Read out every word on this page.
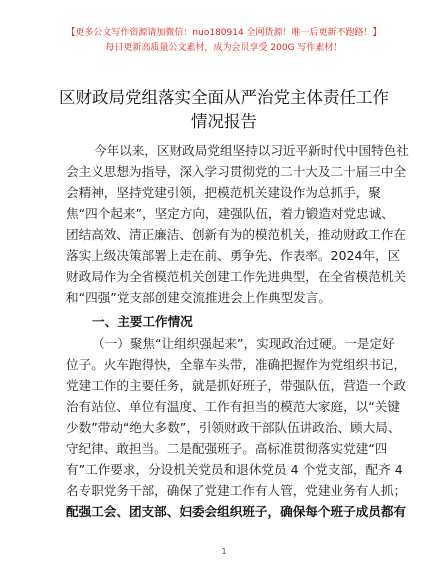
【更多公文写作资源请加微信：nuo180914 全网货源！唯一后更新不跑路！】
每日更新高质量公文素材，成为会员享受 200G 写作素材！
区财政局党组落实全面从严治党主体责任工作
情况报告
今年以来，区财政局党组坚持以习近平新时代中国特色社
会主义思想为指导，深入学习贯彻党的二十大及二十届三中全
会精神，坚持党建引领，把模范机关建设作为总抓手，聚
焦“四个起来”，坚定方向，建强队伍，着力锻造对党忠诚、
团结高效、清正廉洁、创新有为的模范机关，推动财政工作在
落实上级决策部署上走在前、勇争先、作表率。2024年，区
财政局作为全省模范机关创建工作先进典型，在全省模范机关
和“四强”党支部创建交流推进会上作典型发言。
一、主要工作情况
（一）聚焦“让组织强起来”，实现政治过硬。一是定好
位子。火车跑得快，全靠车头带，准确把握作为党组织书记，
党建工作的主要任务，就是抓好班子，带强队伍，营造一个政
治有站位、单位有温度、工作有担当的模范大家庭，以“关键
少数”带动“绝大多数”，引领财政干部队伍讲政治、顾大局、
守纪律、敢担当。二是配强班子。高标准贯彻落实党建“四
有”工作要求，分设机关党员和退休党员 4 个党支部，配齐 4
名专职党务干部，确保了党建工作有人管，党建业务有人抓；
配强工会、团支部、妇委会组织班子，确保每个班子成员都有
1
